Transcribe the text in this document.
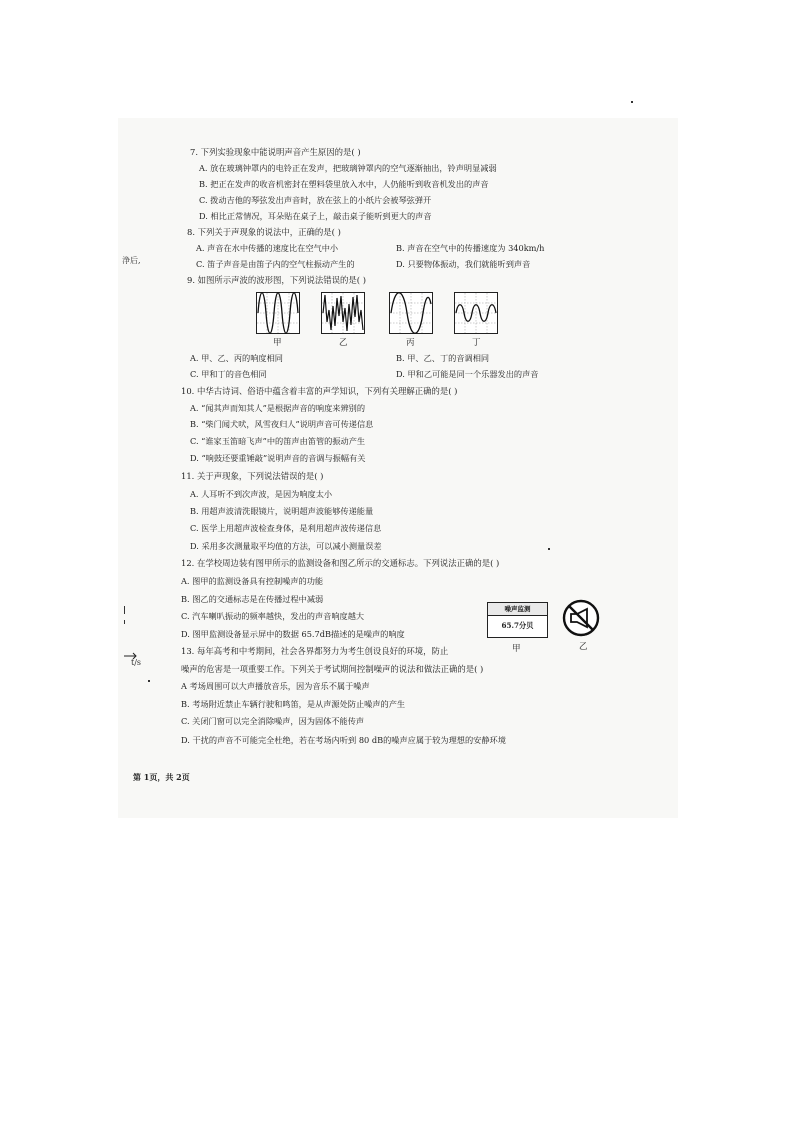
浄后,
t/s
7. 下列实验现象中能说明声音产生原因的是( )
A. 放在玻璃钟罩内的电铃正在发声，把玻璃钟罩内的空气逐渐抽出，铃声明显减弱
B. 把正在发声的收音机密封在塑料袋里放入水中，人仍能听到收音机发出的声音
C. 拨动吉他的琴弦发出声音时，放在弦上的小纸片会被琴弦弹开
D. 相比正常情况，耳朵贴在桌子上，敲击桌子能听到更大的声音
8. 下列关于声现象的说法中，正确的是( )
A. 声音在水中传播的速度比在空气中小	B. 声音在空气中的传播速度为 340km/h
C. 笛子声音是由笛子内的空气柱振动产生的	D. 只要物体振动，我们就能听到声音
9. 如图所示声波的波形图，下列说法错误的是( )
甲	乙	丙	丁
A. 甲、乙、丙的响度相同	B. 甲、乙、丁的音调相同
C. 甲和丁的音色相同	D. 甲和乙可能是同一个乐器发出的声音
10. 中华古诗词、俗语中蕴含着丰富的声学知识，下列有关理解正确的是( )
A. “闻其声而知其人”是根据声音的响度来辨别的
B. “柴门闻犬吠，风雪夜归人”说明声音可传递信息
C. “谁家玉笛暗飞声”中的笛声由笛管的振动产生
D. “响鼓还要重锤敲”说明声音的音调与振幅有关
11. 关于声现象，下列说法错误的是( )
A. 人耳听不到次声波，是因为响度太小
B. 用超声波清洗眼镜片，说明超声波能够传递能量
C. 医学上用超声波检查身体，是利用超声波传递信息
D. 采用多次测量取平均值的方法，可以减小测量误差
12. 在学校周边装有图甲所示的监测设备和图乙所示的交通标志。下列说法正确的是( )
A. 图甲的监测设备具有控制噪声的功能
B. 图乙的交通标志是在传播过程中减弱
C. 汽车喇叭振动的频率越快，发出的声音响度越大
D. 图甲监测设备显示屏中的数据 65.7dB描述的是噪声的响度
噪声监测
65.7分贝
甲	乙
13. 每年高考和中考期间，社会各界都努力为考生创设良好的环境，防止
噪声的危害是一项重要工作。下列关于考试期间控制噪声的说法和做法正确的是( )
A 考场周围可以大声播放音乐，因为音乐不属于噪声
B. 考场附近禁止车辆行驶和鸣笛，是从声源处防止噪声的产生
C. 关闭门窗可以完全消除噪声，因为固体不能传声
D. 干扰的声音不可能完全杜绝，若在考场内听到 80 dB的噪声应属于较为理想的安静环境
第 1页，共 2页
